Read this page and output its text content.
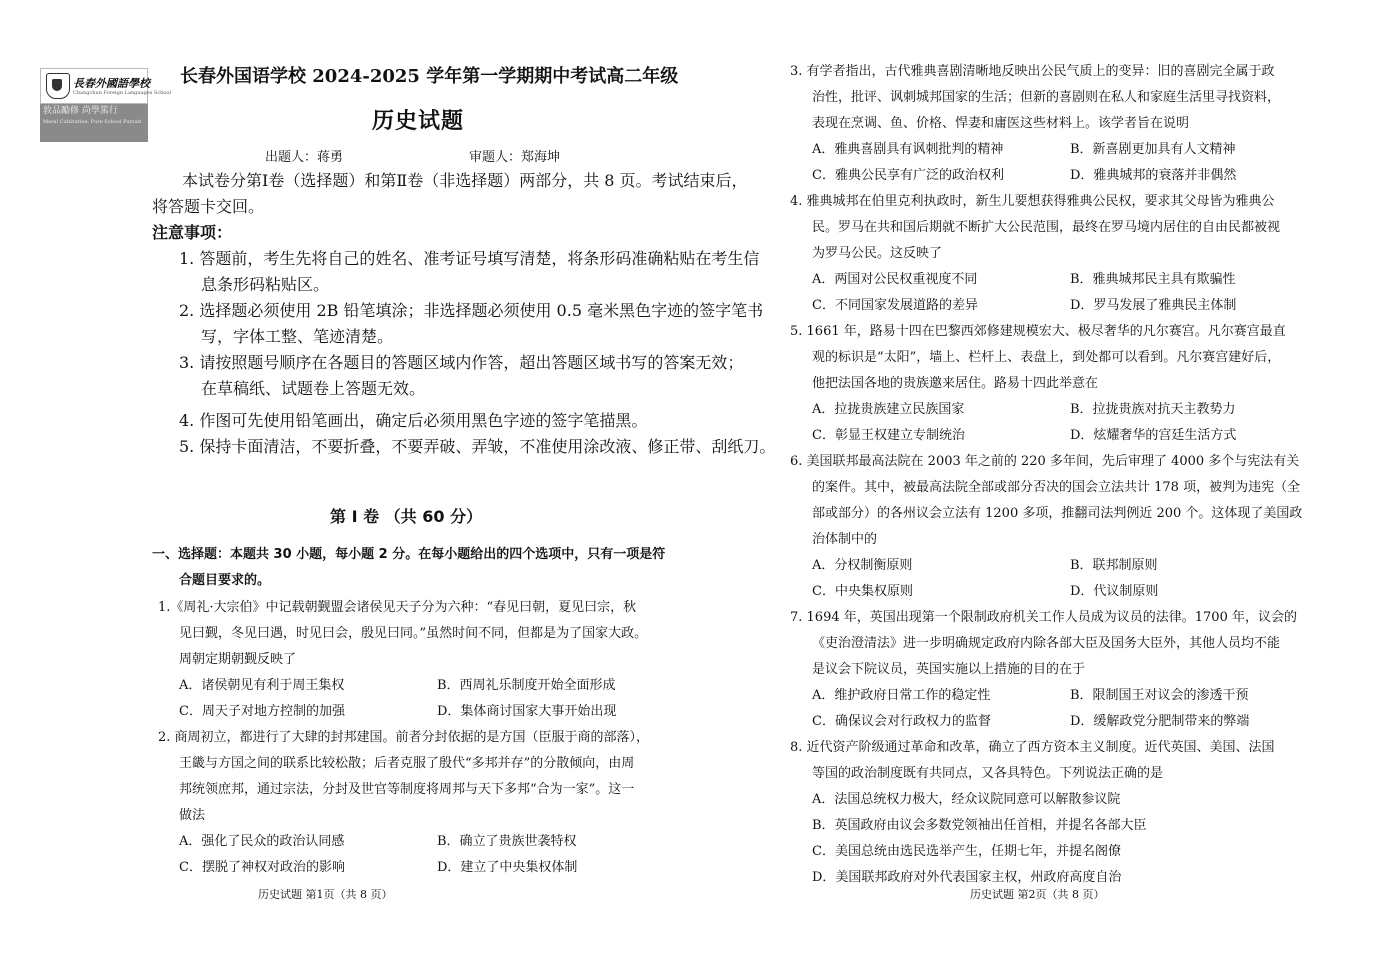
長春外國語學校
Changchun Foreign Languages School
敦品勵修 尚學篤行
Moral Cultivation, Pure School Pursuit
长春外国语学校 2024-2025 学年第一学期期中考试高二年级
历史试题
出题人：蒋勇	审题人：郑海坤
本试卷分第Ⅰ卷（选择题）和第Ⅱ卷（非选择题）两部分，共 8 页。考试结束后，
将答题卡交回。
注意事项：
1. 答题前，考生先将自己的姓名、准考证号填写清楚，将条形码准确粘贴在考生信
息条形码粘贴区。
2. 选择题必须使用 2B 铅笔填涂；非选择题必须使用 0.5 毫米黑色字迹的签字笔书
写，字体工整、笔迹清楚。
3. 请按照题号顺序在各题目的答题区域内作答，超出答题区域书写的答案无效；
在草稿纸、试题卷上答题无效。
4. 作图可先使用铅笔画出，确定后必须用黑色字迹的签字笔描黑。
5. 保持卡面清洁，不要折叠，不要弄破、弄皱，不准使用涂改液、修正带、刮纸刀。
第 I 卷 （共 60 分）
一、选择题：本题共 30 小题，每小题 2 分。在每小题给出的四个选项中，只有一项是符
合题目要求的。
1.《周礼·大宗伯》中记载朝觐盟会诸侯见天子分为六种：“春见曰朝，夏见曰宗，秋
见曰觐，冬见曰遇，时见曰会，殷见曰同。”虽然时间不同，但都是为了国家大政。
周朝定期朝觐反映了
A．诸侯朝见有利于周王集权	B．西周礼乐制度开始全面形成
C．周天子对地方控制的加强	D．集体商讨国家大事开始出现
2. 商周初立，都进行了大肆的封邦建国。前者分封依据的是方国（臣服于商的部落），
王畿与方国之间的联系比较松散；后者克服了殷代“多邦并存”的分散倾向，由周
邦统领庶邦，通过宗法，分封及世官等制度将周邦与天下多邦“合为一家”。这一
做法
A．强化了民众的政治认同感	B．确立了贵族世袭特权
C．摆脱了神权对政治的影响	D．建立了中央集权体制
历史试题 第1页（共 8 页）
3. 有学者指出，古代雅典喜剧清晰地反映出公民气质上的变异：旧的喜剧完全属于政
治性，批评、讽刺城邦国家的生活；但新的喜剧则在私人和家庭生活里寻找资料，
表现在烹调、鱼、价格、悍妻和庸医这些材料上。该学者旨在说明
A．雅典喜剧具有讽刺批判的精神	B．新喜剧更加具有人文精神
C．雅典公民享有广泛的政治权利	D．雅典城邦的衰落并非偶然
4. 雅典城邦在伯里克利执政时，新生儿要想获得雅典公民权，要求其父母皆为雅典公
民。罗马在共和国后期就不断扩大公民范围，最终在罗马境内居住的自由民都被视
为罗马公民。这反映了
A．两国对公民权重视度不同	B．雅典城邦民主具有欺骗性
C．不同国家发展道路的差异	D．罗马发展了雅典民主体制
5. 1661 年，路易十四在巴黎西郊修建规模宏大、极尽奢华的凡尔赛宫。凡尔赛宫最直
观的标识是“太阳”，墙上、栏杆上、表盘上，到处都可以看到。凡尔赛宫建好后，
他把法国各地的贵族邀来居住。路易十四此举意在
A．拉拢贵族建立民族国家	B．拉拢贵族对抗天主教势力
C．彰显王权建立专制统治	D．炫耀奢华的宫廷生活方式
6. 美国联邦最高法院在 2003 年之前的 220 多年间，先后审理了 4000 多个与宪法有关
的案件。其中，被最高法院全部或部分否决的国会立法共计 178 项，被判为违宪（全
部或部分）的各州议会立法有 1200 多项，推翻司法判例近 200 个。这体现了美国政
治体制中的
A．分权制衡原则	B．联邦制原则
C．中央集权原则	D．代议制原则
7. 1694 年，英国出现第一个限制政府机关工作人员成为议员的法律。1700 年，议会的
《吏治澄清法》进一步明确规定政府内除各部大臣及国务大臣外，其他人员均不能
是议会下院议员，英国实施以上措施的目的在于
A．维护政府日常工作的稳定性	B．限制国王对议会的渗透干预
C．确保议会对行政权力的监督	D．缓解政党分肥制带来的弊端
8. 近代资产阶级通过革命和改革，确立了西方资本主义制度。近代英国、美国、法国
等国的政治制度既有共同点，又各具特色。下列说法正确的是
A．法国总统权力极大，经众议院同意可以解散参议院
B．英国政府由议会多数党领袖出任首相，并提名各部大臣
C．美国总统由选民选举产生，任期七年，并提名阁僚
D．美国联邦政府对外代表国家主权，州政府高度自治
历史试题 第2页（共 8 页）
